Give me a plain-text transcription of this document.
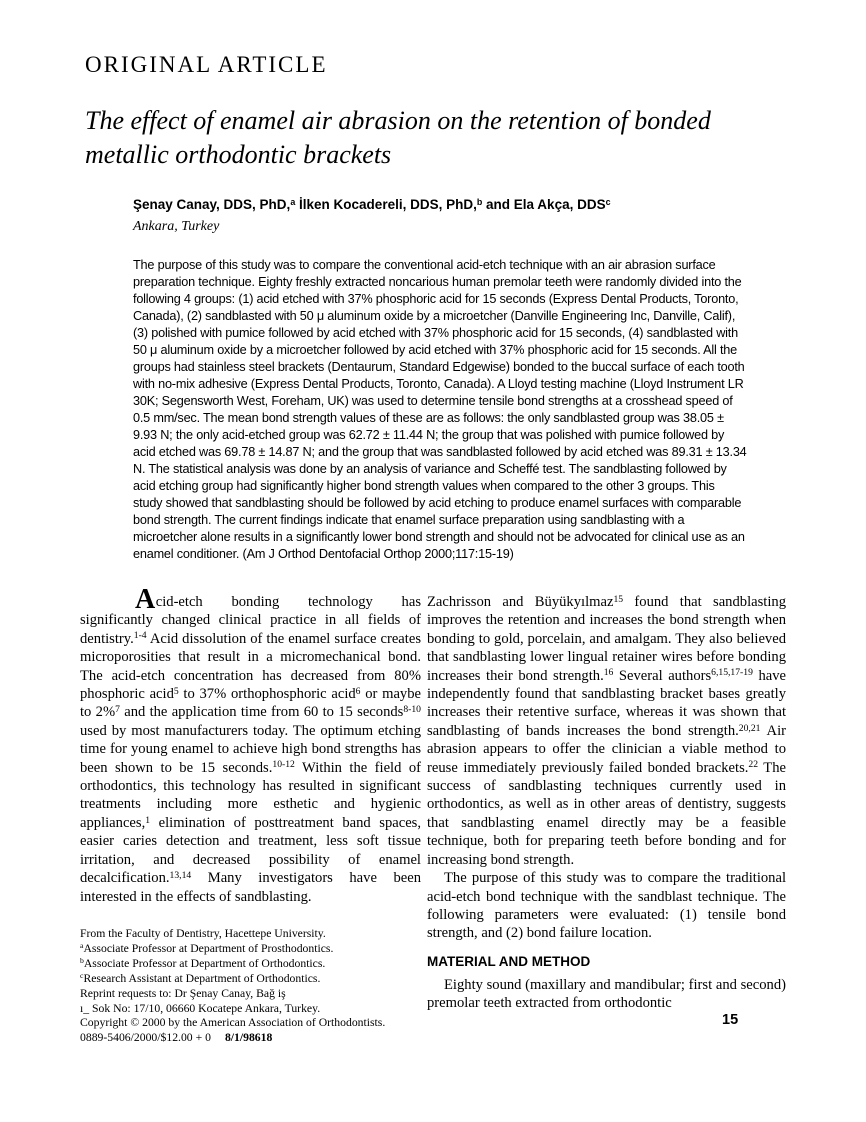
ORIGINAL ARTICLE
The effect of enamel air abrasion on the retention of bonded metallic orthodontic brackets
Şenay Canay, DDS, PhD,$^a$ İlken Kocadereli, DDS, PhD,$^b$ and Ela Akça, DDS$^c$
Ankara, Turkey
The purpose of this study was to compare the conventional acid-etch technique with an air abrasion surface preparation technique. Eighty freshly extracted noncarious human premolar teeth were randomly divided into the following 4 groups: (1) acid etched with 37% phosphoric acid for 15 seconds (Express Dental Products, Toronto, Canada), (2) sandblasted with 50 μ aluminum oxide by a microetcher (Danville Engineering Inc, Danville, Calif), (3) polished with pumice followed by acid etched with 37% phosphoric acid for 15 seconds, (4) sandblasted with 50 μ aluminum oxide by a microetcher followed by acid etched with 37% phosphoric acid for 15 seconds. All the groups had stainless steel brackets (Dentaurum, Standard Edgewise) bonded to the buccal surface of each tooth with no-mix adhesive (Express Dental Products, Toronto, Canada). A Lloyd testing machine (Lloyd Instrument LR 30K; Segensworth West, Foreham, UK) was used to determine tensile bond strengths at a crosshead speed of 0.5 mm/sec. The mean bond strength values of these are as follows: the only sandblasted group was 38.05 ± 9.93 N; the only acid-etched group was 62.72 ± 11.44 N; the group that was polished with pumice followed by acid etched was 69.78 ± 14.87 N; and the group that was sandblasted followed by acid etched was 89.31 ± 13.34 N. The statistical analysis was done by an analysis of variance and Scheffé test. The sandblasting followed by acid etching group had significantly higher bond strength values when compared to the other 3 groups. This study showed that sandblasting should be followed by acid etching to produce enamel surfaces with comparable bond strength. The current findings indicate that enamel surface preparation using sandblasting with a microetcher alone results in a significantly lower bond strength and should not be advocated for clinical use as an enamel conditioner. (Am J Orthod Dentofacial Orthop 2000;117:15-19)

Acid-etch bonding technology has significantly changed clinical practice in all fields of dentistry.$^{1-4}$ Acid dissolution of the enamel surface creates microporosities that result in a micromechanical bond. The acid-etch concentration has decreased from 80% phosphoric acid$^5$ to 37% orthophosphoric acid$^6$ or maybe to 2%$^7$ and the application time from 60 to 15 seconds$^{8-10}$ used by most manufacturers today. The optimum etching time for young enamel to achieve high bond strengths has been shown to be 15 seconds.$^{10-12}$ Within the field of orthodontics, this technology has resulted in significant treatments including more esthetic and hygienic appliances,$^1$ elimination of posttreatment band spaces, easier caries detection and treatment, less soft tissue irritation, and decreased possibility of enamel decalcification.$^{13,14}$ Many investigators have been interested in the effects of sandblasting.

Zachrisson and Büyükyılmaz$^{15}$ found that sandblasting improves the retention and increases the bond strength when bonding to gold, porcelain, and amalgam. They also believed that sandblasting lower lingual retainer wires before bonding increases their bond strength.$^{16}$ Several authors$^{6,15,17-19}$ have independently found that sandblasting bracket bases greatly increases their retentive surface, whereas it was shown that sandblasting of bands increases the bond strength.$^{20,21}$ Air abrasion appears to offer the clinician a viable method to reuse immediately previously failed bonded brackets.$^{22}$ The success of sandblasting techniques currently used in orthodontics, as well as in other areas of dentistry, suggests that sandblasting enamel directly may be a feasible technique, both for preparing teeth before bonding and for increasing bond strength.

The purpose of this study was to compare the traditional acid-etch bond technique with the sandblast technique. The following parameters were evaluated: (1) tensile bond strength, and (2) bond failure location.

MATERIAL AND METHOD

Eighty sound (maxillary and mandibular; first and second) premolar teeth extracted from orthodontic

From the Faculty of Dentistry, Hacettepe University.
$^a$Associate Professor at Department of Prosthodontics.
$^b$Associate Professor at Department of Orthodontics.
$^c$Research Assistant at Department of Orthodontics.
Reprint requests to: Dr Şenay Canay, Bağ iş
ı_ Sok No: 17/10, 06660 Kocatepe Ankara, Turkey.
Copyright © 2000 by the American Association of Orthodontists.
0889-5406/2000/$12.00 + 0 8/1/98618
15
